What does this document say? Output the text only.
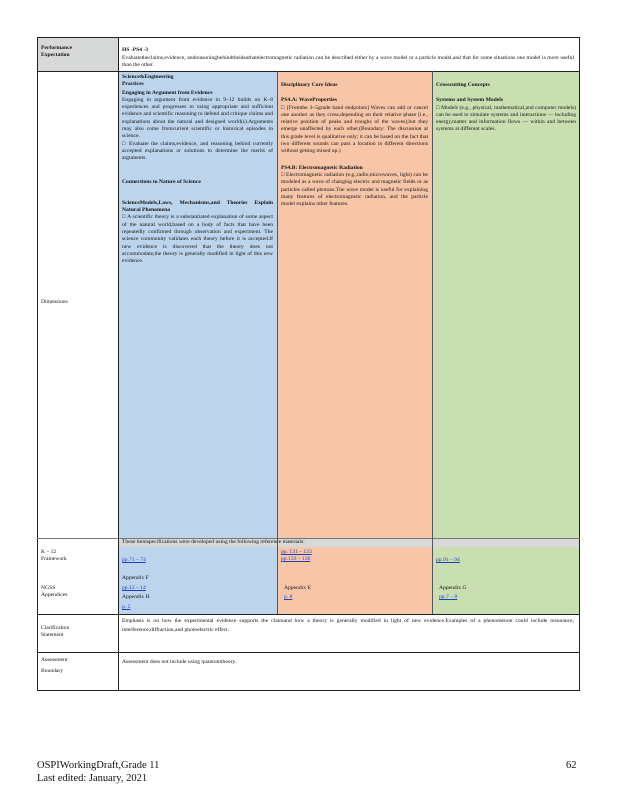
Performance
Expectation

HS -PS4 -3
Evaluatetheclaims,evidence, andreasoningbehindtheideathatelectromagnetic radiation can be described either by a wave model or a particle model,and that for some situations one model is more useful than the other.

Dimensions
Science&Engineering
Practices
Engaging in Argument from Evidence
Engaging in argument from evidence in 9–12 builds on K–8 experiences and progresses to using appropriate and sufficient evidence and scientific reasoning to defend and critique claims and explanations about the natural and designed world(s).Arguments may also come fromcurrent scientific or historical episodes in science.
□ Evaluate the claims,evidence, and reasoning behind currently accepted explanations or solutions to determine the merits of arguments.
Connections to Nature of Science
ScienceModels,Laws, Mechanisms,and Theories Explain Natural Phenomena
□ A scientific theory is a substantiated explanation of some aspect of the natural world,based on a body of facts that have been repeatedly confirmed through observation and experiment. The science community validates each theory before it is accepted.If new evidence is discovered that the theory does not accommodate,the theory is generally modified in light of this new evidence.
Disciplinary Core Ideas
PS4.A: WaveProperties
□ [Fromthe 3–5grade band endpoints] Waves can add or cancel one another as they cross,depending on their relative phase (i.e., relative position of peaks and troughs of the waves),but they emerge unaffected by each other.(Boundary: The discussion at this grade level is qualitative only; it can be based on the fact that two different sounds can pass a location in different directions without getting mixed up.)
PS4.B: Electromagnetic Radiation
□ Electromagnetic radiation (e.g.,radio,microwaves, light) can be modeled as a wave of changing electric and magnetic fields or as particles called photons.The wave model is useful for explaining many features of electromagnetic radiation, and the particle model explains other features.
Crosscutting Concepts
Systems and System Models
□ Models (e.g., physical, mathematical,and computer models) can be used to simulate systems and interactions — including energy,matter and information flows — within and between systems at different scales.
These itemspecifications were developed using the following reference materials:
K – 12
Framework	pp.71 – 74
pp. 131 – 133
pp.133 – 136	pp.91 – 94
NGSS
Appendices
Appendix F
pp.13 – 14
Appendix H
p. 5
Appendix E
p. 8
Appendix G
pp.7 – 8
Clarification
Statement
Emphasis is on how the experimental evidence supports the claimand how a theory is generally modified in light of new evidence.Examples of a phenomenon could include resonance, interference,diffraction,and photoelectric effect.
Assessment
Boundary
Assessment does not include using quantumtheory.
OSPIWorkingDraft,Grade 11
Last edited: January, 2021
62
